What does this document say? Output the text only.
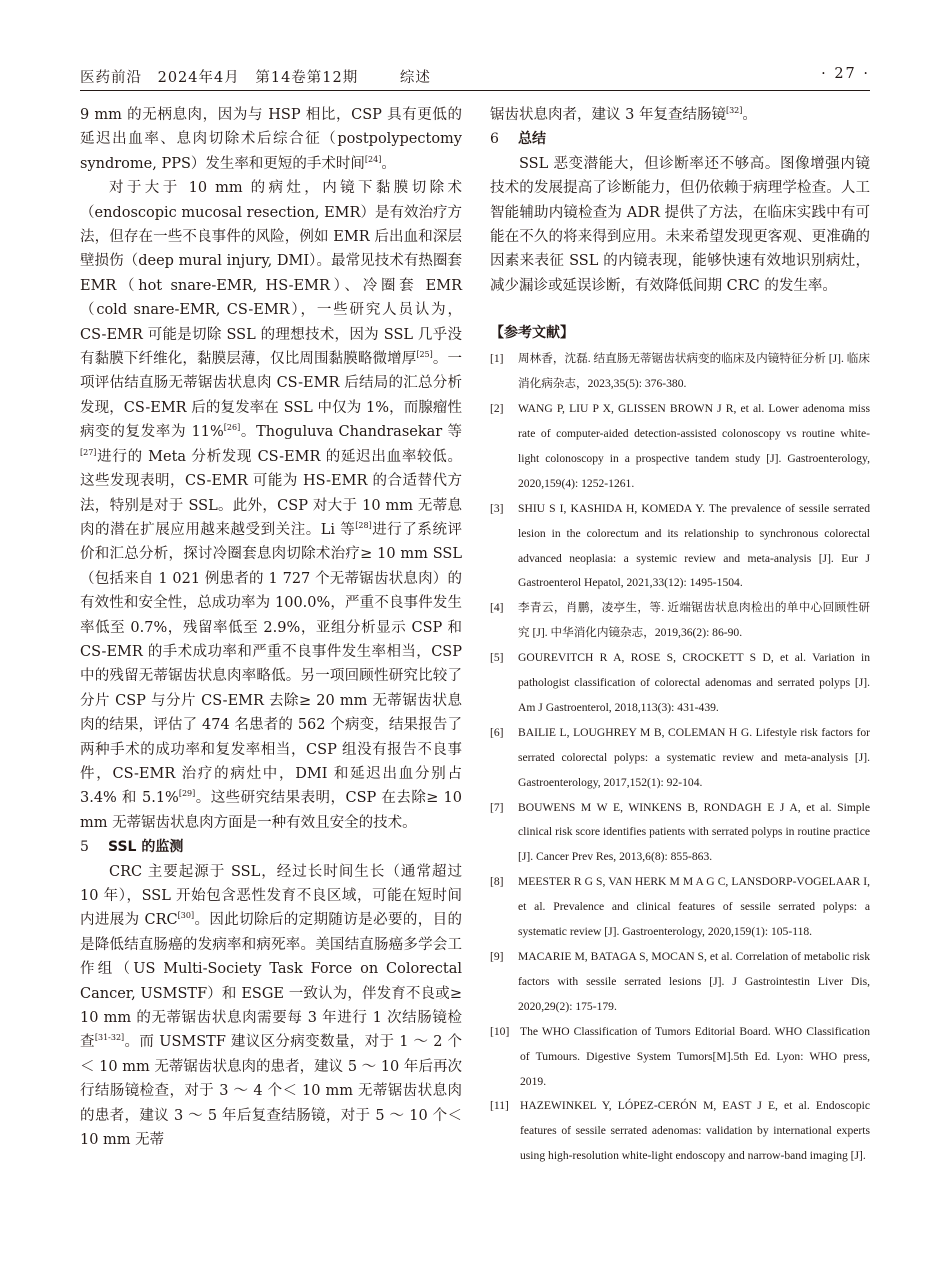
医药前沿 2024年4月 第14卷第12期	综述	· 27 ·

9 mm 的无柄息肉，因为与 HSP 相比，CSP 具有更低的延迟出血率、息肉切除术后综合征（postpolypectomy syndrome, PPS）发生率和更短的手术时间[24]。

对于大于 10 mm 的病灶，内镜下黏膜切除术（endoscopic mucosal resection, EMR）是有效治疗方法，但存在一些不良事件的风险，例如 EMR 后出血和深层壁损伤（deep mural injury, DMI）。最常见技术有热圈套 EMR（hot snare-EMR, HS-EMR）、冷圈套 EMR（cold snare-EMR, CS-EMR），一些研究人员认为，CS-EMR 可能是切除 SSL 的理想技术，因为 SSL 几乎没有黏膜下纤维化，黏膜层薄，仅比周围黏膜略微增厚[25]。一项评估结直肠无蒂锯齿状息肉 CS-EMR 后结局的汇总分析发现，CS-EMR 后的复发率在 SSL 中仅为 1%，而腺瘤性病变的复发率为 11%[26]。Thoguluva Chandrasekar 等[27]进行的 Meta 分析发现 CS-EMR 的延迟出血率较低。这些发现表明，CS-EMR 可能为 HS-EMR 的合适替代方法，特别是对于 SSL。此外，CSP 对大于 10 mm 无蒂息肉的潜在扩展应用越来越受到关注。Li 等[28]进行了系统评价和汇总分析，探讨冷圈套息肉切除术治疗≥ 10 mm SSL（包括来自 1 021 例患者的 1 727 个无蒂锯齿状息肉）的有效性和安全性，总成功率为 100.0%，严重不良事件发生率低至 0.7%，残留率低至 2.9%，亚组分析显示 CSP 和 CS-EMR 的手术成功率和严重不良事件发生率相当，CSP 中的残留无蒂锯齿状息肉率略低。另一项回顾性研究比较了分片 CSP 与分片 CS-EMR 去除≥ 20 mm 无蒂锯齿状息肉的结果，评估了 474 名患者的 562 个病变，结果报告了两种手术的成功率和复发率相当，CSP 组没有报告不良事件，CS-EMR 治疗的病灶中，DMI 和延迟出血分别占 3.4% 和 5.1%[29]。这些研究结果表明，CSP 在去除≥ 10 mm 无蒂锯齿状息肉方面是一种有效且安全的技术。

5 SSL 的监测

CRC 主要起源于 SSL，经过长时间生长（通常超过 10 年），SSL 开始包含恶性发育不良区域，可能在短时间内进展为 CRC[30]。因此切除后的定期随访是必要的，目的是降低结直肠癌的发病率和病死率。美国结直肠癌多学会工作组（US Multi-Society Task Force on Colorectal Cancer, USMSTF）和 ESGE 一致认为，伴发育不良或≥ 10 mm 的无蒂锯齿状息肉需要每 3 年进行 1 次结肠镜检查[31-32]。而 USMSTF 建议区分病变数量，对于 1 ～ 2 个＜ 10 mm 无蒂锯齿状息肉的患者，建议 5 ～ 10 年后再次行结肠镜检查，对于 3 ～ 4 个＜ 10 mm 无蒂锯齿状息肉的患者，建议 3 ～ 5 年后复查结肠镜，对于 5 ～ 10 个＜ 10 mm 无蒂

锯齿状息肉者，建议 3 年复查结肠镜[32]。

6 总结

SSL 恶变潜能大，但诊断率还不够高。图像增强内镜技术的发展提高了诊断能力，但仍依赖于病理学检查。人工智能辅助内镜检查为 ADR 提供了方法，在临床实践中有可能在不久的将来得到应用。未来希望发现更客观、更准确的因素来表征 SSL 的内镜表现，能够快速有效地识别病灶，减少漏诊或延误诊断，有效降低间期 CRC 的发生率。

【参考文献】

[1] 周林香，沈磊. 结直肠无蒂锯齿状病变的临床及内镜特征分析 [J]. 临床消化病杂志，2023,35(5): 376-380.

[2] WANG P, LIU P X, GLISSEN BROWN J R, et al. Lower adenoma miss rate of computer-aided detection-assisted colonoscopy vs routine white-light colonoscopy in a prospective tandem study [J]. Gastroenterology, 2020,159(4): 1252-1261.

[3] SHIU S I, KASHIDA H, KOMEDA Y. The prevalence of sessile serrated lesion in the colorectum and its relationship to synchronous colorectal advanced neoplasia: a systemic review and meta-analysis [J]. Eur J Gastroenterol Hepatol, 2021,33(12): 1495-1504.

[4] 李青云，肖鹏，凌亭生，等. 近端锯齿状息肉检出的单中心回顾性研究 [J]. 中华消化内镜杂志，2019,36(2): 86-90.

[5] GOUREVITCH R A, ROSE S, CROCKETT S D, et al. Variation in pathologist classification of colorectal adenomas and serrated polyps [J]. Am J Gastroenterol, 2018,113(3): 431-439.

[6] BAILIE L, LOUGHREY M B, COLEMAN H G. Lifestyle risk factors for serrated colorectal polyps: a systematic review and meta-analysis [J]. Gastroenterology, 2017,152(1): 92-104.

[7] BOUWENS M W E, WINKENS B, RONDAGH E J A, et al. Simple clinical risk score identifies patients with serrated polyps in routine practice [J]. Cancer Prev Res, 2013,6(8): 855-863.

[8] MEESTER R G S, VAN HERK M M A G C, LANSDORP-VOGELAAR I, et al. Prevalence and clinical features of sessile serrated polyps: a systematic review [J]. Gastroenterology, 2020,159(1): 105-118.

[9] MACARIE M, BATAGA S, MOCAN S, et al. Correlation of metabolic risk factors with sessile serrated lesions [J]. J Gastrointestin Liver Dis, 2020,29(2): 175-179.

[10] The WHO Classification of Tumors Editorial Board. WHO Classification of Tumours. Digestive System Tumors[M].5th Ed. Lyon: WHO press, 2019.

[11] HAZEWINKEL Y, LÓPEZ-CERÓN M, EAST J E, et al. Endoscopic features of sessile serrated adenomas: validation by international experts using high-resolution white-light endoscopy and narrow-band imaging [J].
